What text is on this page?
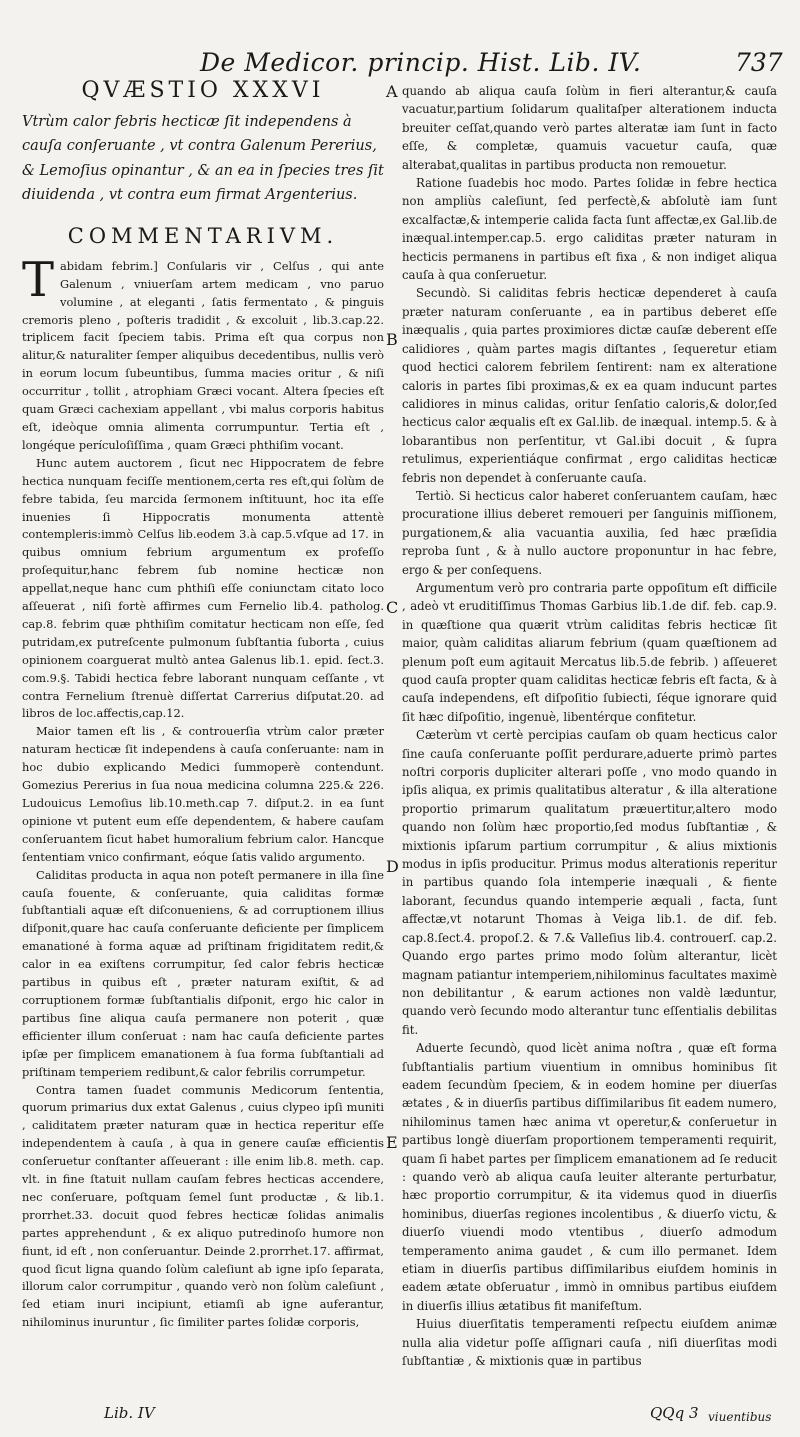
De Medicor. princip. Hist. Lib. IV.	737
QVÆSTIO XXXVI
Vtrùm calor febris hecticæ ſit independens à cauſa conſeruante , vt contra Galenum Pererius, & Lemoſius opinantur , & an ea in ſpecies tres ſit diuidenda , vt contra eum firmat Argenterius.
COMMENTARIVM.

Tabidam febrim.] Conſularis vir , Celſus , qui ante Galenum , vniuerſam artem medicam , vno paruo volumine , at eleganti , ſatis fermentato , & pinguis cremoris pleno , poſteris tradidit , & excoluit , lib.3.cap.22. triplicem facit ſpeciem tabis. Prima eſt qua corpus non alitur,& naturaliter ſemper aliquibus decedentibus, nullis verò in eorum locum ſubeuntibus, ſumma macies oritur , & niſi occurritur , tollit , atrophiam Græci vocant. Altera ſpecies eſt quam Græci cachexiam appellant , vbi malus corporis habitus eſt, ideòque omnia alimenta corrumpuntur. Tertia eſt , longéque perículoſiſſima , quam Græci phthiſim vocant.

Hunc autem auctorem , ſicut nec Hippocratem de febre hectica nunquam feciſſe mentionem,certa res eſt,qui ſolùm de febre tabida, ſeu marcida ſermonem inſtituunt, hoc ita eſſe inuenies ſi Hippocratis monumenta attentè contempleris:immò Celſus lib.eodem 3.à cap.5.vſque ad 17. in quibus omnium febrium argumentum ex profeſſo proſequitur,hanc febrem ſub nomine hecticæ non appellat,neque hanc cum phthiſi eſſe coniunctam citato loco aſſeuerat , niſi fortè affirmes cum Fernelio lib.4. patholog. cap.8. febrim quæ phthiſim comitatur hecticam non eſſe, ſed putridam,ex putreſcente pulmonum ſubſtantia ſuborta , cuius opinionem coarguerat multò antea Galenus lib.1. epid. ſect.3. com.9.§. Tabidi hectica febre laborant nunquam ceſſante , vt contra Fernelium ſtrenuè diſſertat Carrerius diſputat.20. ad libros de loc.affectis,cap.12.

Maior tamen eſt lis , & controuerſia vtrùm calor præter naturam hecticæ ſit independens à cauſa conſeruante: nam in hoc dubio explicando Medici ſummoperè contendunt. Gomezius Pererius in ſua noua medicina columna 225.& 226. Ludouicus Lemoſius lib.10.meth.cap 7. diſput.2. in ea ſunt opinione vt putent eum eſſe dependentem, & habere cauſam conſeruantem ſicut habet humoralium febrium calor. Hancque ſententiam vnico confirmant, eóque ſatis valido argumento.

Caliditas producta in aqua non poteſt permanere in illa ſine cauſa fouente, & conſeruante, quia caliditas formæ ſubſtantiali aquæ eſt diſconueniens, & ad corruptionem illius diſponit,quare hac cauſa conſeruante deficiente per ſimplicem emanationé à forma aquæ ad priſtinam frigiditatem redit,& calor in ea exiſtens corrumpitur, ſed calor febris hecticæ partibus in quibus eſt , præter naturam exiſtit, & ad corruptionem formæ ſubſtantialis diſponit, ergo hic calor in partibus ſine aliqua cauſa permanere non poterit , quæ efficienter illum conſeruat : nam hac cauſa deficiente partes ipſæ per ſimplicem emanationem à ſua forma ſubſtantiali ad priſtinam temperiem redibunt,& calor febrilis corrumpetur.

Contra tamen ſuadet communis Medicorum ſententia, quorum primarius dux extat Galenus , cuius clypeo ipſi muniti , caliditatem præter naturam quæ in hectica reperitur eſſe independentem à cauſa , à qua in genere cauſæ efficientis conſeruetur conſtanter aſſeuerant : ille enim lib.8. meth. cap. vlt. in fine ſtatuit nullam cauſam febres hecticas accendere, nec conſeruare, poſtquam ſemel ſunt productæ , & lib.1. prorrhet.33. docuit quod febres hecticæ ſolidas animalis partes apprehendunt , & ex aliquo putredinoſo humore non fiunt, id eſt , non conſeruantur. Deinde 2.prorrhet.17. affirmat, quod ſicut ligna quando ſolùm caleſiunt ab igne ipſo ſeparata, illorum calor corrumpitur , quando verò non ſolùm caleſiunt , ſed etiam inuri incipiunt, etiamſi ab igne auferantur, nihilominus inuruntur , ſic ſimiliter partes ſolidæ corporis,

quando ab aliqua cauſa ſolùm in fieri alterantur,& cauſa vacuatur,partium ſolidarum qualitaſper alterationem inducta breuiter ceſſat,quando verò partes alteratæ iam ſunt in facto eſſe, & completæ, quamuis vacuetur cauſa, quæ alterabat,qualitas in partibus producta non remouetur.

Ratione ſuadebis hoc modo. Partes ſolidæ in febre hectica non ampliùs caleſiunt, ſed perfectè,& abſolutè iam ſunt excalfactæ,& intemperie calida facta ſunt affectæ,ex Gal.lib.de inæqual.intemper.cap.5. ergo caliditas præter naturam in hecticis permanens in partibus eſt fixa , & non indiget aliqua cauſa à qua conſeruetur.

Secundò. Si caliditas febris hecticæ dependeret à cauſa præter naturam conſeruante , ea in partibus deberet eſſe inæqualis , quia partes proximiores dictæ cauſæ deberent eſſe calidiores , quàm partes magis diſtantes , ſequeretur etiam quod hectici calorem febrilem ſentirent: nam ex alteratione caloris in partes ſibi proximas,& ex ea quam inducunt partes calidiores in minus calidas, oritur ſenſatio caloris,& dolor,ſed hecticus calor æqualis eſt ex Gal.lib. de inæqual. intemp.5. & à lobarantibus non perſentitur, vt Gal.ibi docuit , & ſupra retulimus, experientiáque confirmat , ergo caliditas hecticæ febris non dependet à conſeruante cauſa.

Tertiò. Si hecticus calor haberet conſeruantem cauſam, hæc procuratione illius deberet remoueri per ſanguinis miſſionem, purgationem,& alia vacuantia auxilia, ſed hæc præſidia reproba ſunt , & à nullo auctore proponuntur in hac febre, ergo & per conſequens.

Argumentum verò pro contraria parte oppoſitum eſt difficile , adeò vt eruditiſſimus Thomas Garbius lib.1.de dif. feb. cap.9. in quæſtione qua quærit vtrùm caliditas febris hecticæ ſit maior, quàm caliditas aliarum febrium (quam quæſtionem ad plenum poſt eum agitauit Mercatus lib.5.de febrib. ) aſſeueret quod cauſa propter quam caliditas hecticæ febris eſt facta, & à cauſa independens, eſt diſpoſitio ſubiecti, ſéque ignorare quid ſit hæc diſpoſitio, ingenuè, libentérque confitetur.

Cæterùm vt certè percipias cauſam ob quam hecticus calor ſine cauſa conſeruante poſſit perdurare,aduerte primò partes noſtri corporis dupliciter alterari poſſe , vno modo quando in ipſis aliqua, ex primis qualitatibus alteratur , & illa alteratione proportio primarum qualitatum præuertitur,altero modo quando non ſolùm hæc proportio,ſed modus ſubſtantiæ , & mixtionis ipſarum partium corrumpitur , & alius mixtionis modus in ipſis producitur. Primus modus alterationis reperitur in partibus quando ſola intemperie inæquali , & fiente laborant, ſecundus quando intemperie æquali , facta, ſunt affectæ,vt notarunt Thomas à Veiga lib.1. de dif. feb. cap.8.ſect.4. propoſ.2. & 7.& Valleſius lib.4. controuerſ. cap.2. Quando ergo partes primo modo ſolùm alterantur, licèt magnam patiantur intemperiem,nihilominus facultates maximè non debilitantur , & earum actiones non valdè læduntur, quando verò ſecundo modo alterantur tunc eſſentialis debilitas fit.

Aduerte ſecundò, quod licèt anima noſtra , quæ eſt forma ſubſtantialis partium viuentium in omnibus hominibus ſit eadem ſecundùm ſpeciem, & in eodem homine per diuerſas ætates , & in diuerſis partibus diſſimilaribus ſit eadem numero, nihilominus tamen hæc anima vt operetur,& conſeruetur in partibus longè diuerſam proportionem temperamenti requirit, quam ſi habet partes per ſimplicem emanationem ad ſe reducit : quando verò ab aliqua cauſa leuiter alterante perturbatur, hæc proportio corrumpitur, & ita videmus quod in diuerſis hominibus, diuerſas regiones incolentibus , & diuerſo victu, & diuerſo viuendi modo vtentibus , diuerſo admodum temperamento anima gaudet , & cum illo permanet. Idem etiam in diuerſis partibus diſſimilaribus eiuſdem hominis in eadem ætate obſeruatur , immò in omnibus partibus eiuſdem in diuerſis illius ætatibus fit manifeſtum.

Huius diuerſitatis temperamenti reſpectu eiuſdem animæ nulla alia videtur poſſe aſſignari cauſa , niſi diuerſitas modi ſubſtantiæ , & mixtionis quæ in partibus

A
B
C
D
E
Lib. IV	QQq 3 viuentibus
